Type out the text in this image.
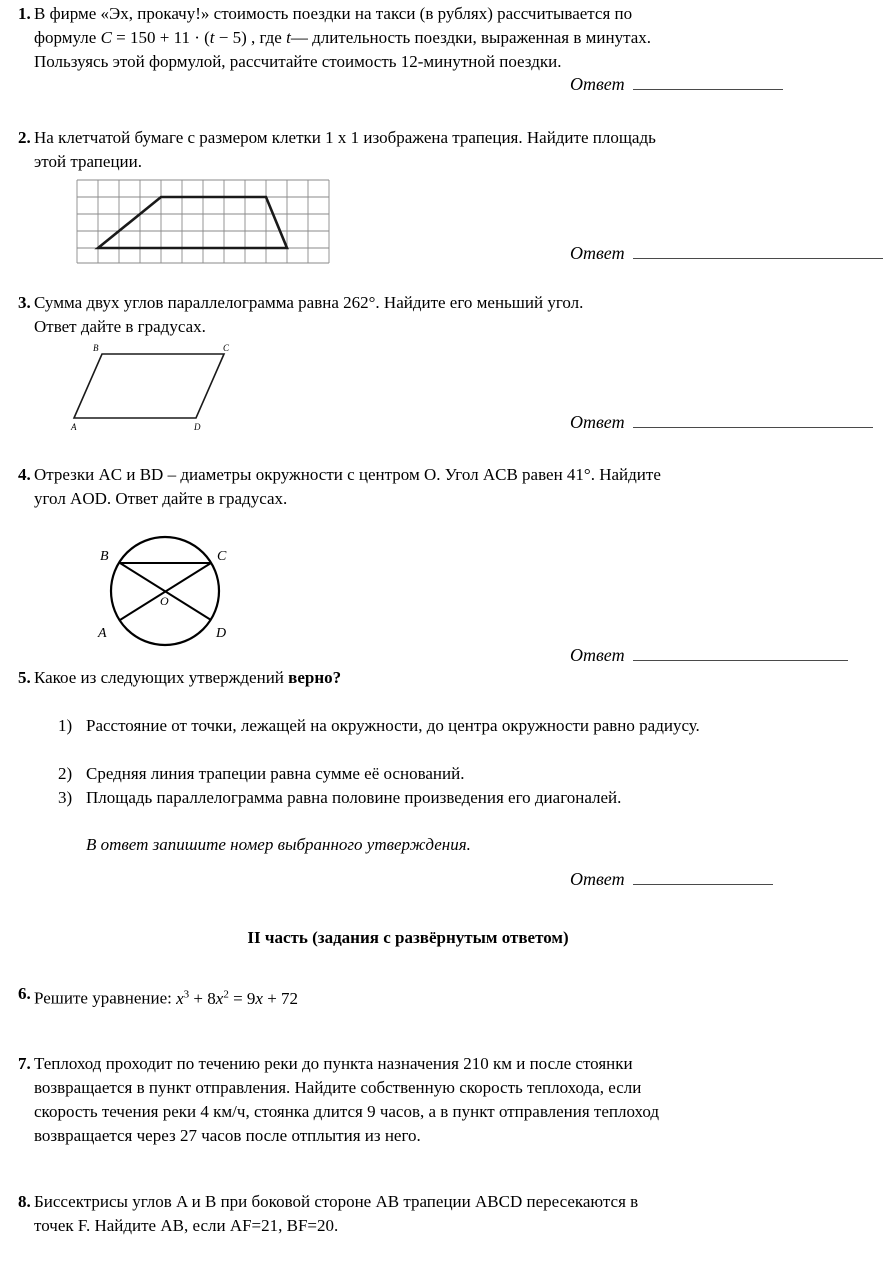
1. В фирме «Эх, прокачу!» стоимость поездки на такси (в рублях) рассчитывается по
формуле C = 150 + 11 · (t − 5) , где t— длительность поездки, выраженная в минутах.
Пользуясь этой формулой, рассчитайте стоимость 12-минутной поездки.
Ответ
2. На клетчатой бумаге с размером клетки 1 x 1 изображена трапеция. Найдите площадь
этой трапеции.
Ответ
3. Сумма двух углов параллелограмма равна 262°. Найдите его меньший угол.
Ответ дайте в градусах.
B	C
A	D	Ответ
4. Отрезки AC и BD – диаметры окружности с центром O. Угол ACB равен 41°. Найдите
угол AOD. Ответ дайте в градусах.
B	C
A	D
O
Ответ
5. Какое из следующих утверждений верно?
1) Расстояние от точки, лежащей на окружности, до центра окружности равно радиусу.
2) Средняя линия трапеции равна сумме её оснований.
3) Площадь параллелограмма равна половине произведения его диагоналей.
В ответ запишите номер выбранного утверждения.
Ответ
II часть (задания с развёрнутым ответом)
6. Решите уравнение: $x^3 + 8x^2 = 9x + 72$
7. Теплоход проходит по течению реки до пункта назначения 210 км и после стоянки
возвращается в пункт отправления. Найдите собственную скорость теплохода, если
скорость течения реки 4 км/ч, стоянка длится 9 часов, а в пункт отправления теплоход
возвращается через 27 часов после отплытия из него.
8. Биссектрисы углов A и B при боковой стороне AB трапеции ABCD пересекаются в
точек F. Найдите AB, если AF=21, BF=20.
